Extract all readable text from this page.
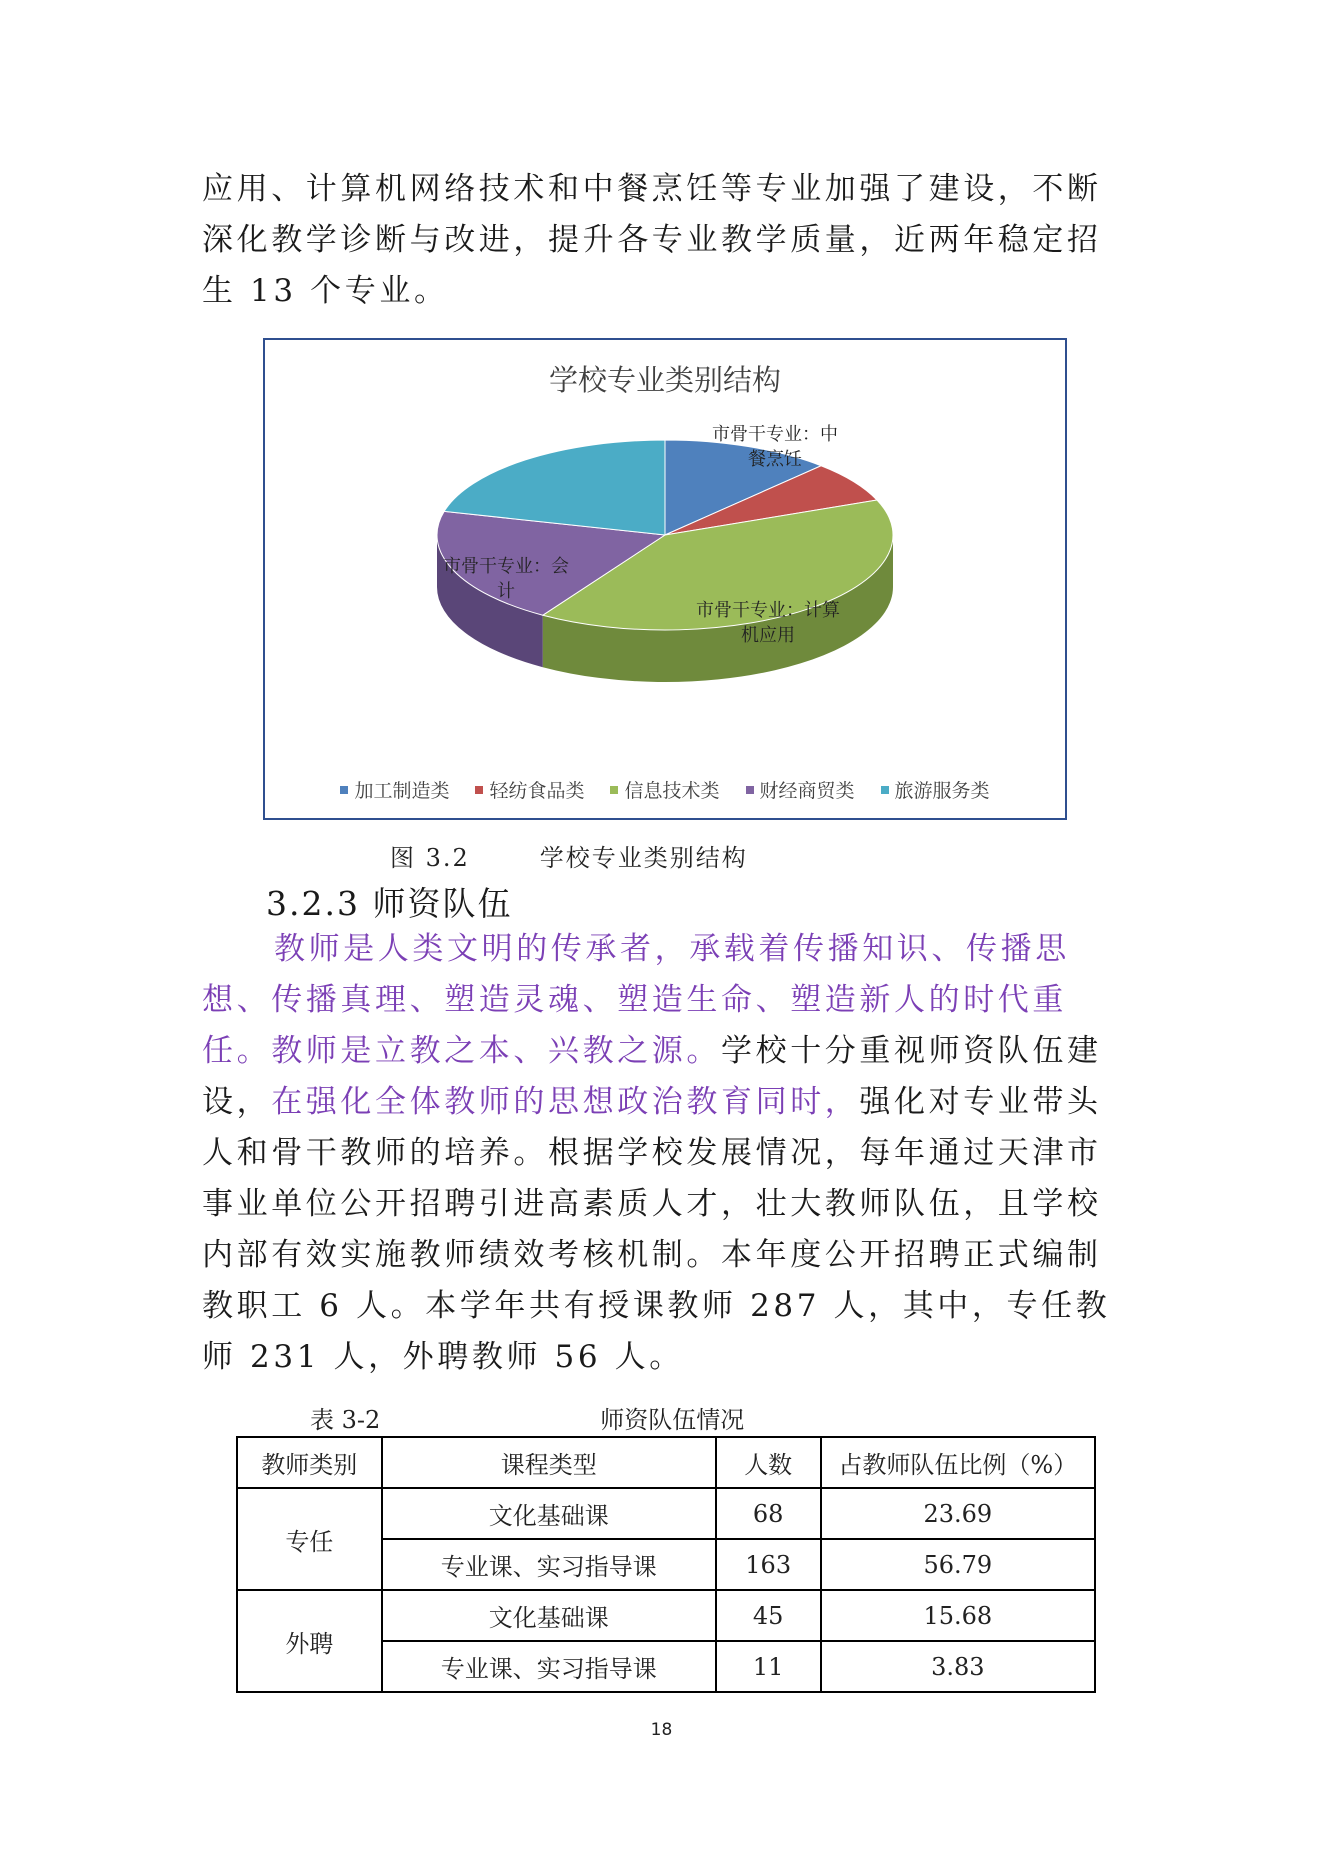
应用、计算机网络技术和中餐烹饪等专业加强了建设，不断深化教学诊断与改进，提升各专业教学质量，近两年稳定招生 13 个专业。

学校专业类别结构
市骨干专业：中餐烹饪
市骨干专业：计算机应用
市骨干专业：会计
加工制造类 轻纺食品类 信息技术类 财经商贸类 旅游服务类
图 3.2	学校专业类别结构
3.2.3 师资队伍

教师是人类文明的传承者，承载着传播知识、传播思想、传播真理、塑造灵魂、塑造生命、塑造新人的时代重任。教师是立教之本、兴教之源。学校十分重视师资队伍建设，在强化全体教师的思想政治教育同时，强化对专业带头人和骨干教师的培养。根据学校发展情况，每年通过天津市事业单位公开招聘引进高素质人才，壮大教师队伍，且学校内部有效实施教师绩效考核机制。本年度公开招聘正式编制教职工 6 人。本学年共有授课教师 287 人，其中，专任教师 231 人，外聘教师 56 人。

表 3-2	师资队伍情况
教师类别	课程类型	人数	占教师队伍比例（%）
专任	文化基础课	68	23.69
	专业课、实习指导课	163	56.79
外聘	文化基础课	45	15.68
	专业课、实习指导课	11	3.83
18
